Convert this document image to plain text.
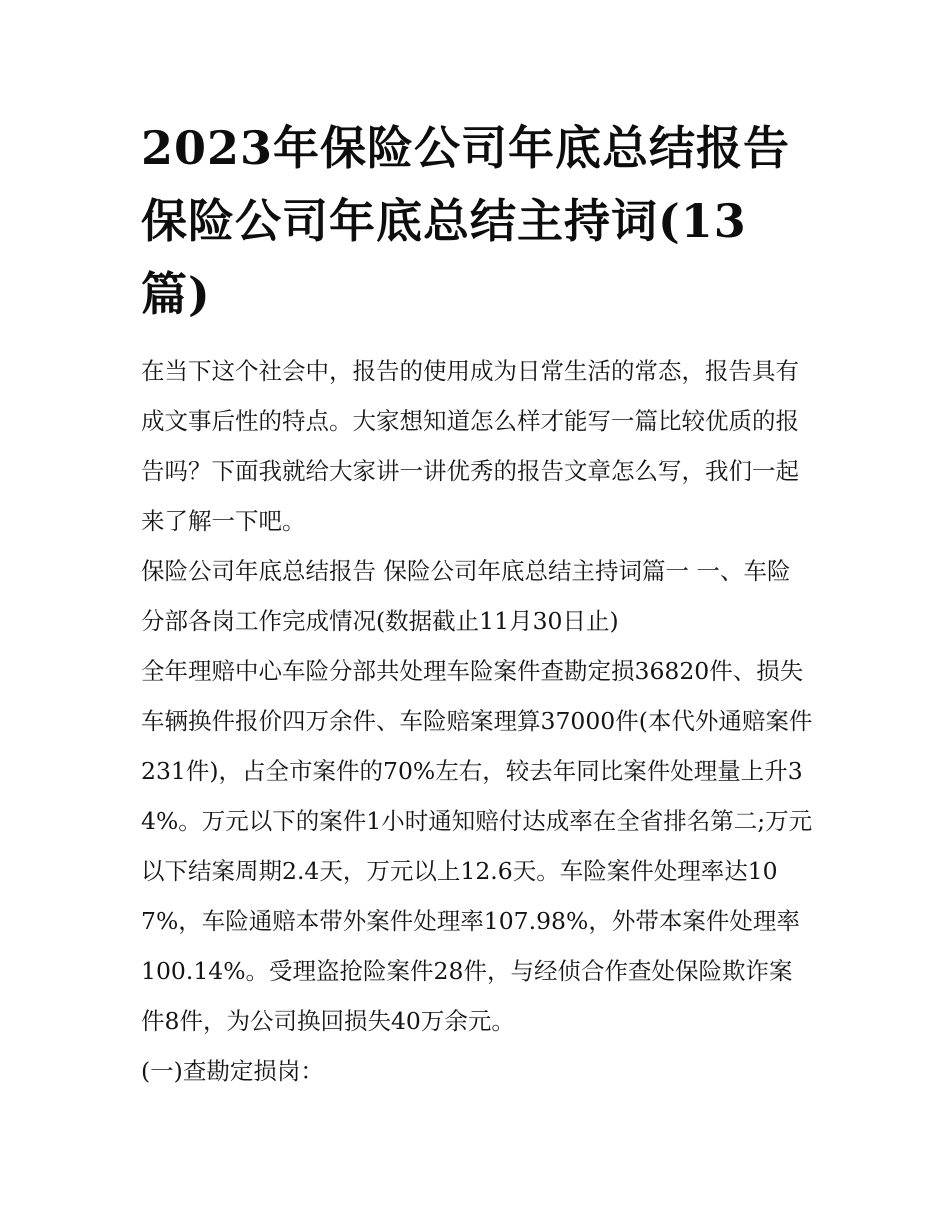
2023年保险公司年底总结报告 保险公司年底总结主持词(13篇)

在当下这个社会中，报告的使用成为日常生活的常态，报告具有成文事后性的特点。大家想知道怎么样才能写一篇比较优质的报告吗？下面我就给大家讲一讲优秀的报告文章怎么写，我们一起来了解一下吧。

保险公司年底总结报告 保险公司年底总结主持词篇一 一、车险分部各岗工作完成情况(数据截止11月30日止)

全年理赔中心车险分部共处理车险案件查勘定损36820件、损失车辆换件报价四万余件、车险赔案理算37000件(本代外通赔案件231件)，占全市案件的70%左右，较去年同比案件处理量上升34%。万元以下的案件1小时通知赔付达成率在全省排名第二;万元以下结案周期2.4天，万元以上12.6天。车险案件处理率达107%，车险通赔本带外案件处理率107.98%，外带本案件处理率100.14%。受理盗抢险案件28件，与经侦合作查处保险欺诈案件8件，为公司换回损失40万余元。

(一)查勘定损岗：
